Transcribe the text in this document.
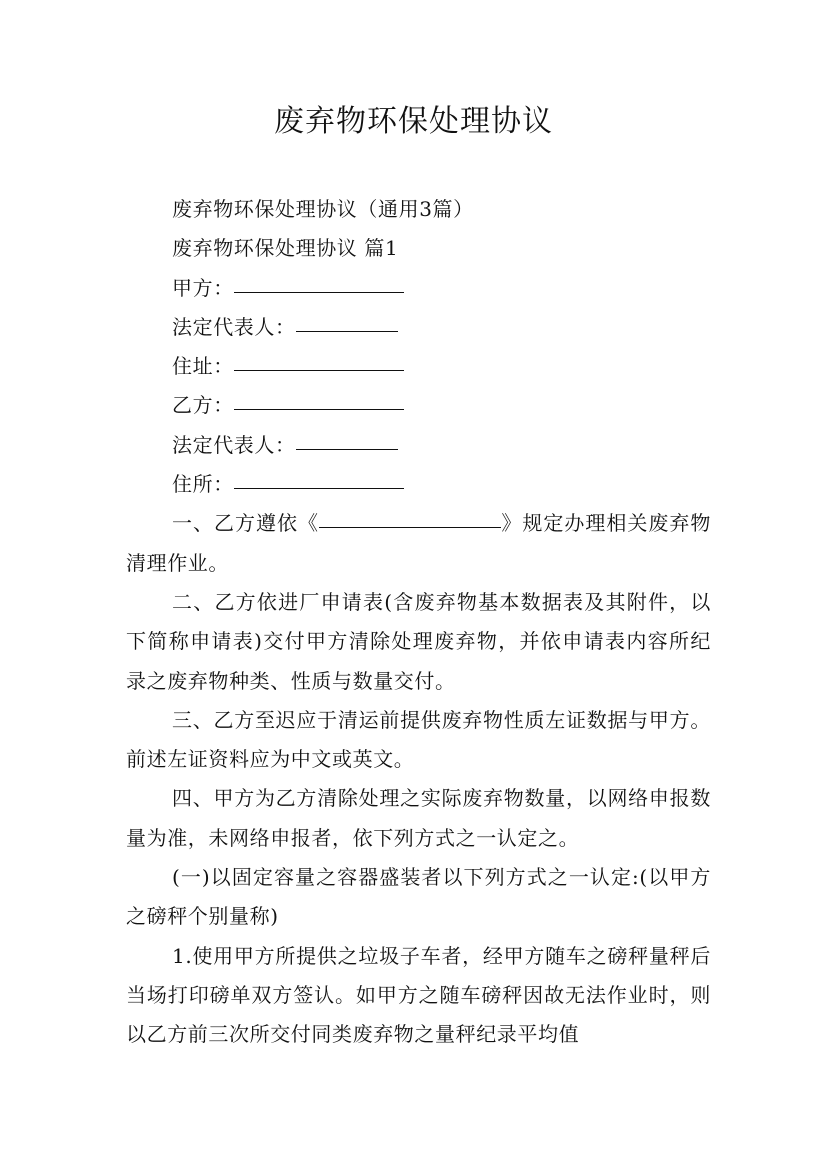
废弃物环保处理协议

废弃物环保处理协议（通用3篇）

废弃物环保处理协议 篇1

甲方：

法定代表人：

住址：

乙方：

法定代表人：

住所：

一、乙方遵依《	》规定办理相关废弃物清理作业。

二、乙方依进厂申请表(含废弃物基本数据表及其附件，以下简称申请表)交付甲方清除处理废弃物，并依申请表内容所纪录之废弃物种类、性质与数量交付。

三、乙方至迟应于清运前提供废弃物性质左证数据与甲方。前述左证资料应为中文或英文。

四、甲方为乙方清除处理之实际废弃物数量，以网络申报数量为准，未网络申报者，依下列方式之一认定之。

(一)以固定容量之容器盛装者以下列方式之一认定:(以甲方之磅秤个别量称)

1.使用甲方所提供之垃圾子车者，经甲方随车之磅秤量秤后当场打印磅单双方签认。如甲方之随车磅秤因故无法作业时，则以乙方前三次所交付同类废弃物之量秤纪录平均值
